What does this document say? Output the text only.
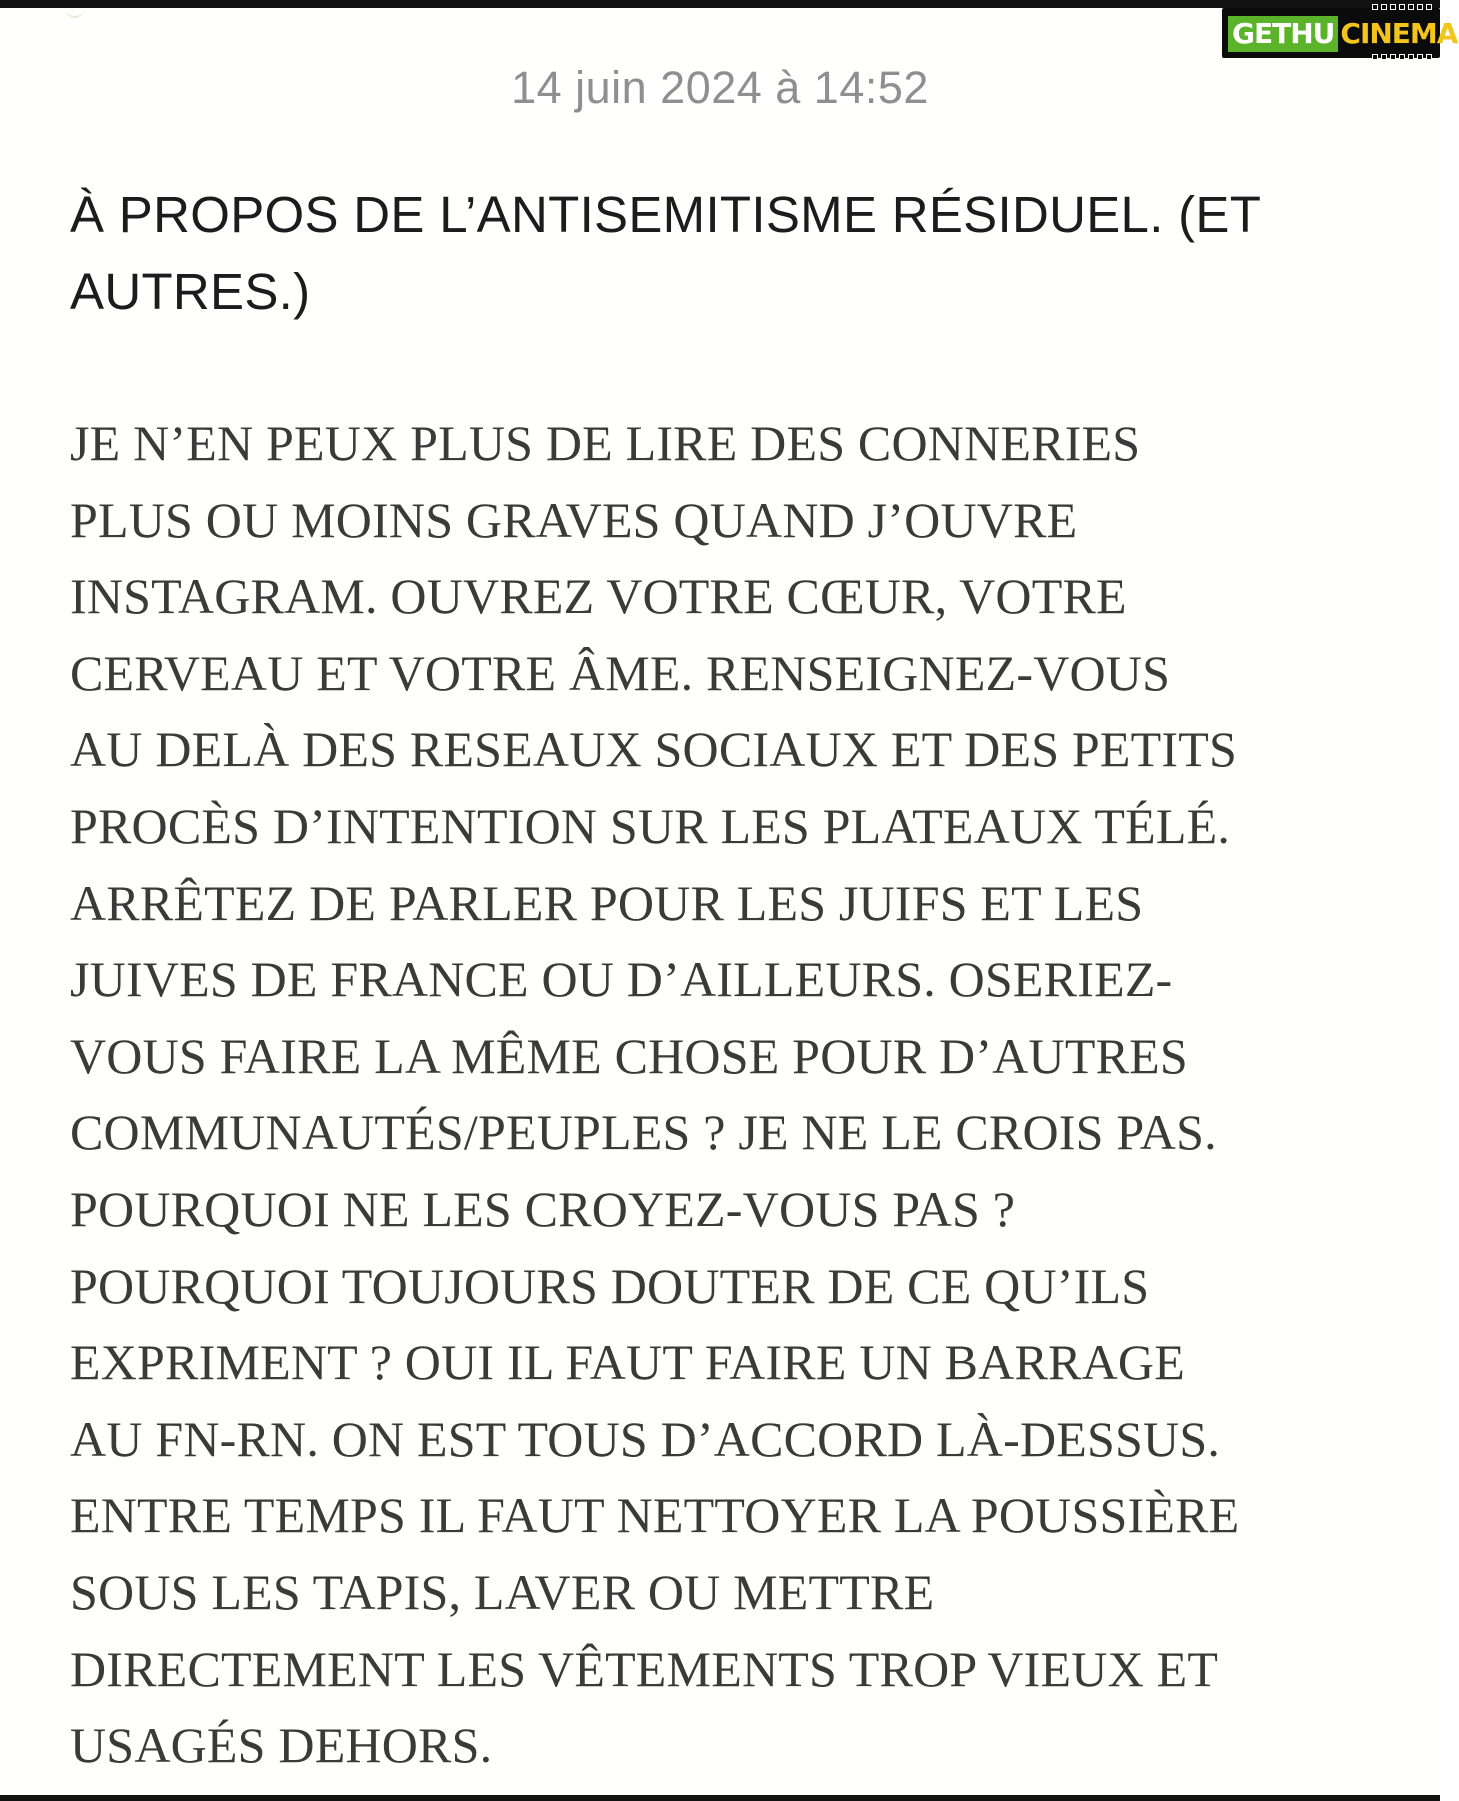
GETHU CINEMA
14 juin 2024 à 14:52
À PROPOS DE L’ANTISEMITISME RÉSIDUEL. (ET AUTRES.)
JE N’EN PEUX PLUS DE LIRE DES CONNERIES
PLUS OU MOINS GRAVES QUAND J’OUVRE
INSTAGRAM. OUVREZ VOTRE CŒUR, VOTRE
CERVEAU ET VOTRE ÂME. RENSEIGNEZ-VOUS
AU DELÀ DES RESEAUX SOCIAUX ET DES PETITS
PROCÈS D’INTENTION SUR LES PLATEAUX TÉLÉ.
ARRÊTEZ DE PARLER POUR LES JUIFS ET LES
JUIVES DE FRANCE OU D’AILLEURS. OSERIEZ-
VOUS FAIRE LA MÊME CHOSE POUR D’AUTRES
COMMUNAUTÉS/PEUPLES ? JE NE LE CROIS PAS.
POURQUOI NE LES CROYEZ-VOUS PAS ?
POURQUOI TOUJOURS DOUTER DE CE QU’ILS
EXPRIMENT ? OUI IL FAUT FAIRE UN BARRAGE
AU FN-RN. ON EST TOUS D’ACCORD LÀ-DESSUS.
ENTRE TEMPS IL FAUT NETTOYER LA POUSSIÈRE
SOUS LES TAPIS, LAVER OU METTRE
DIRECTEMENT LES VÊTEMENTS TROP VIEUX ET
USAGÉS DEHORS.
